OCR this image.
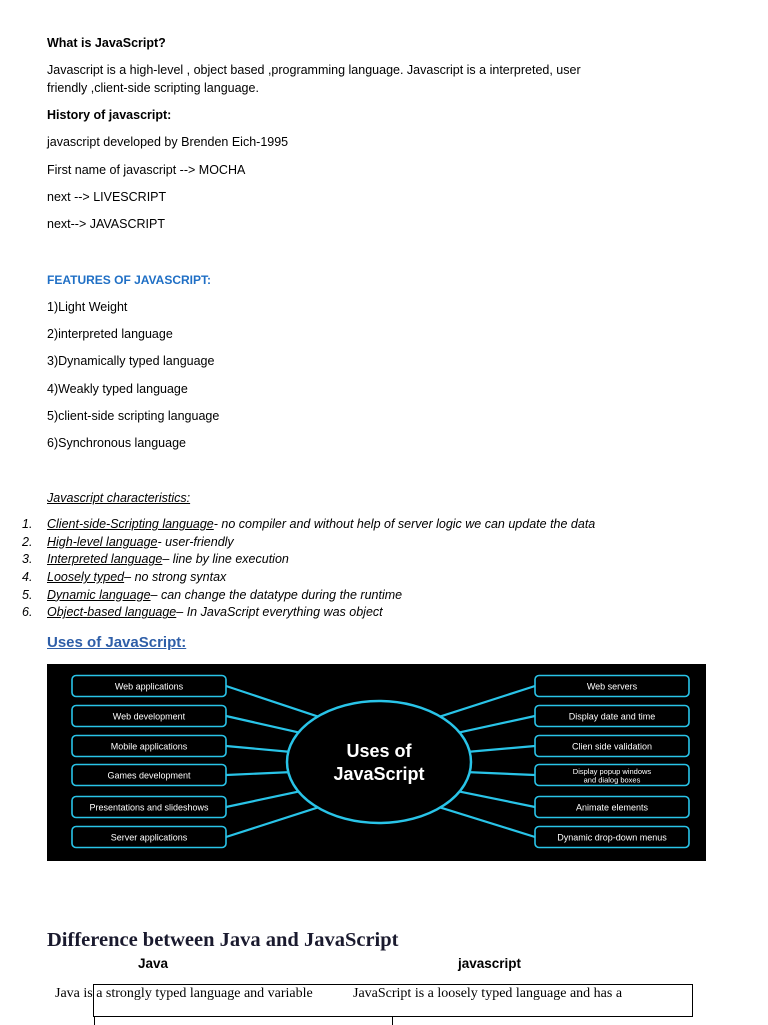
What is JavaScript?
Javascript is a high-level , object based ,programming language. Javascript is a interpreted, user
friendly ,client-side scripting language.
History of javascript:
javascript developed by Brenden Eich-1995
First name of javascript --> MOCHA
next --> LIVESCRIPT
next--> JAVASCRIPT
FEATURES OF JAVASCRIPT:
1)Light Weight
2)interpreted language
3)Dynamically typed language
4)Weakly typed language
5)client-side scripting language
6)Synchronous language
Javascript characteristics:
1.	Client-side-Scripting language - no compiler and without help of server logic we can update the data
2.	High-level language - user-friendly
3.	Interpreted language – line by line execution
4.	Loosely typed – no strong syntax
5.	Dynamic language – can change the datatype during the runtime
6.	Object-based language – In JavaScript everything was object
Uses of JavaScript:
Web applications
Web development
Mobile applications
Games development
Presentations and slideshows
Server applications
Web servers
Display date and time
Clien side validation
Display popup windows
and dialog boxes
Animate elements
Dynamic drop-down menus
Uses of
JavaScript
Difference between Java and JavaScript
Java	javascript
Java is a strongly typed language and variable	JavaScript is a loosely typed language and has a
